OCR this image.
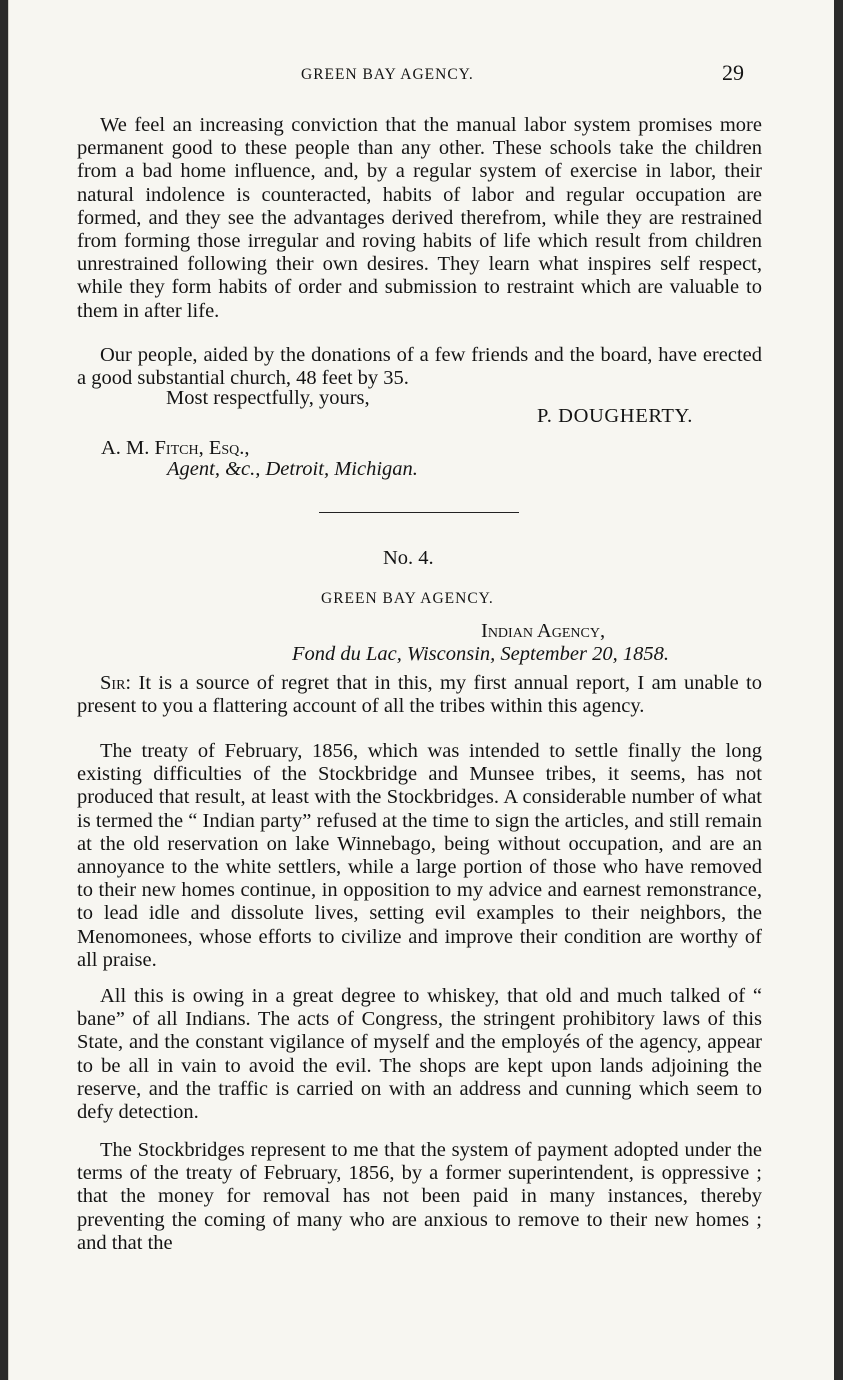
GREEN BAY AGENCY.	29

We feel an increasing conviction that the manual labor system promises more permanent good to these people than any other. These schools take the children from a bad home influence, and, by a regular system of exercise in labor, their natural indolence is counteracted, habits of labor and regular occupation are formed, and they see the advantages derived therefrom, while they are restrained from forming those irregular and roving habits of life which result from children unrestrained following their own desires. They learn what inspires self respect, while they form habits of order and submission to restraint which are valuable to them in after life.

Our people, aided by the donations of a few friends and the board, have erected a good substantial church, 48 feet by 35.

Most respectfully, yours,
P. DOUGHERTY.
A. M. Fitch, Esq.,
Agent, &c., Detroit, Michigan.
No. 4.
GREEN BAY AGENCY.
Indian Agency,
Fond du Lac, Wisconsin, September 20, 1858.

Sir: It is a source of regret that in this, my first annual report, I am unable to present to you a flattering account of all the tribes within this agency.

The treaty of February, 1856, which was intended to settle finally the long existing difficulties of the Stockbridge and Munsee tribes, it seems, has not produced that result, at least with the Stockbridges. A considerable number of what is termed the “ Indian party” refused at the time to sign the articles, and still remain at the old reservation on lake Winnebago, being without occupation, and are an annoyance to the white settlers, while a large portion of those who have removed to their new homes continue, in opposition to my advice and earnest remonstrance, to lead idle and dissolute lives, setting evil examples to their neighbors, the Menomonees, whose efforts to civilize and improve their condition are worthy of all praise.

All this is owing in a great degree to whiskey, that old and much talked of “ bane” of all Indians. The acts of Congress, the stringent prohibitory laws of this State, and the constant vigilance of myself and the employés of the agency, appear to be all in vain to avoid the evil. The shops are kept upon lands adjoining the reserve, and the traffic is carried on with an address and cunning which seem to defy detection.

The Stockbridges represent to me that the system of payment adopted under the terms of the treaty of February, 1856, by a former superintendent, is oppressive ; that the money for removal has not been paid in many instances, thereby preventing the coming of many who are anxious to remove to their new homes ; and that the
